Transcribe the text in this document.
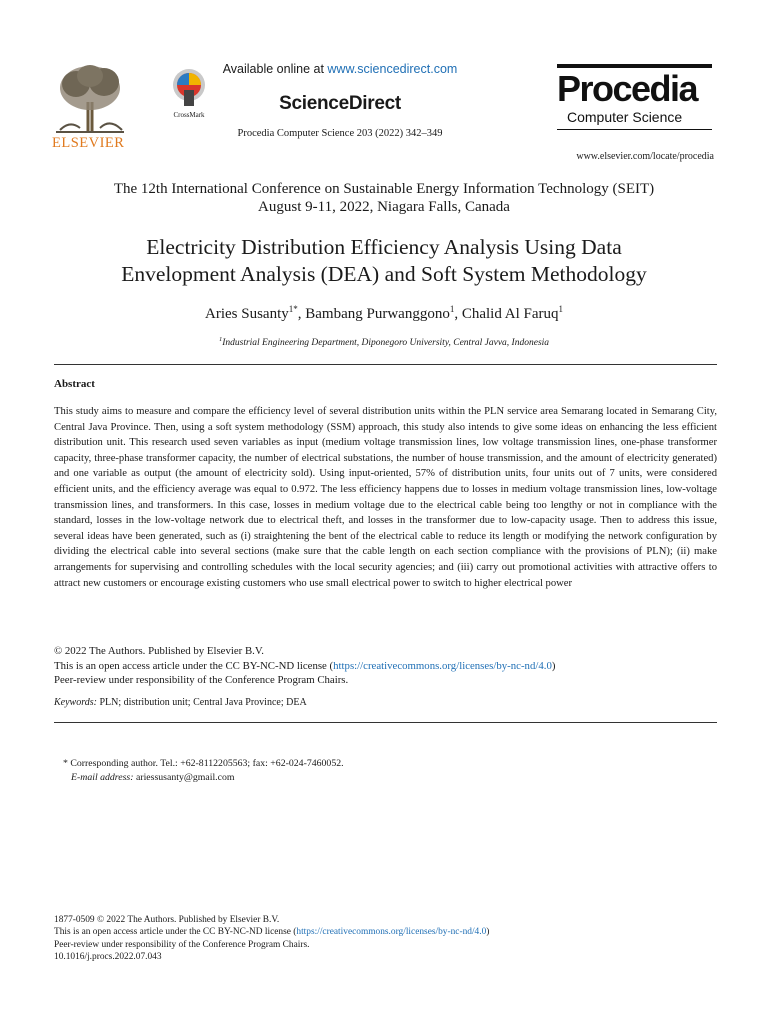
ELSEVIER
CrossMark
Available online at www.sciencedirect.com
ScienceDirect
Procedia Computer Science 203 (2022) 342–349
Procedia
Computer Science
www.elsevier.com/locate/procedia
The 12th International Conference on Sustainable Energy Information Technology (SEIT)
August 9-11, 2022, Niagara Falls, Canada
Electricity Distribution Efficiency Analysis Using Data
Envelopment Analysis (DEA) and Soft System Methodology
Aries Susanty$^{1*}$, Bambang Purwanggono$^1$, Chalid Al Faruq$^1$
$^1$Industrial Engineering Department, Diponegoro University, Central Javva, Indonesia
Abstract
This study aims to measure and compare the efficiency level of several distribution units within the PLN service area Semarang located in Semarang City, Central Java Province. Then, using a soft system methodology (SSM) approach, this study also intends to give some ideas on enhancing the less efficient distribution unit. This research used seven variables as input (medium voltage transmission lines, low voltage transmission lines, one-phase transformer capacity, three-phase transformer capacity, the number of electrical substations, the number of house transmission, and the amount of electricity generated) and one variable as output (the amount of electricity sold). Using input-oriented, 57% of distribution units, four units out of 7 units, were considered efficient units, and the efficiency average was equal to 0.972. The less efficiency happens due to losses in medium voltage transmission lines, low-voltage transmission lines, and transformers. In this case, losses in medium voltage due to the electrical cable being too lengthy or not in compliance with the standard, losses in the low-voltage network due to electrical theft, and losses in the transformer due to low-capacity usage. Then to address this issue, several ideas have been generated, such as (i) straightening the bent of the electrical cable to reduce its length or modifying the network configuration by dividing the electrical cable into several sections (make sure that the cable length on each section compliance with the provisions of PLN); (ii) make arrangements for supervising and controlling schedules with the local security agencies; and (iii) carry out promotional activities with attractive offers to attract new customers or encourage existing customers who use small electrical power to switch to higher electrical power
© 2022 The Authors. Published by Elsevier B.V.
This is an open access article under the CC BY-NC-ND license (https://creativecommons.org/licenses/by-nc-nd/4.0)
Peer-review under responsibility of the Conference Program Chairs.
Keywords: PLN; distribution unit; Central Java Province; DEA
* Corresponding author. Tel.: +62-8112205563; fax: +62-024-7460052.
E-mail address: ariessusanty@gmail.com
1877-0509 © 2022 The Authors. Published by Elsevier B.V.
This is an open access article under the CC BY-NC-ND license (https://creativecommons.org/licenses/by-nc-nd/4.0)
Peer-review under responsibility of the Conference Program Chairs.
10.1016/j.procs.2022.07.043
